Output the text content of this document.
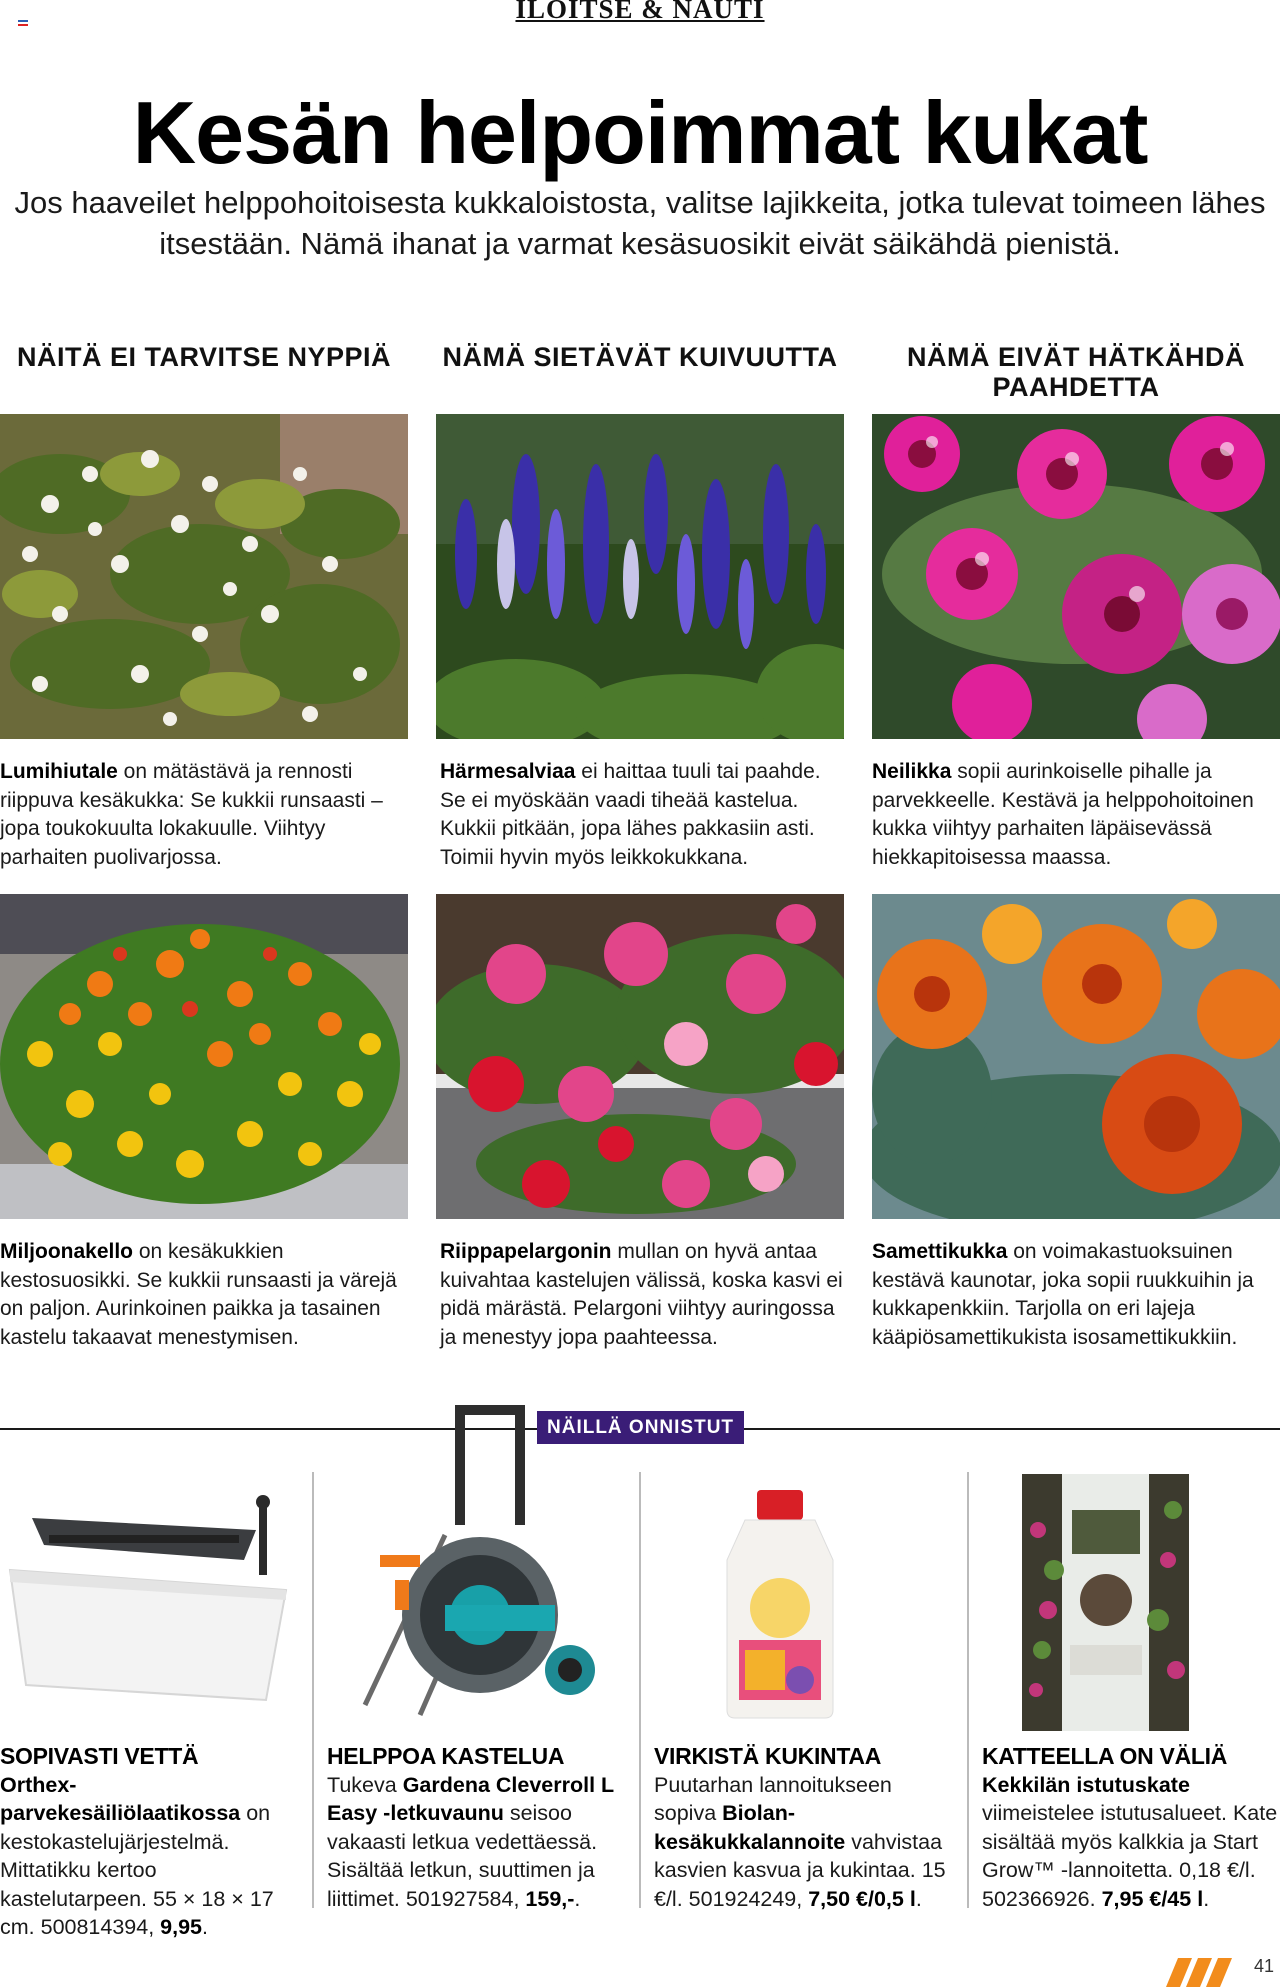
ILOITSE & NAUTI
Kesän helpoimmat kukat

Jos haaveilet helppohoitoisesta kukkaloistosta, valitse lajikkeita, jotka tulevat toimeen lähes itsestään. Nämä ihanat ja varmat kesäsuosikit eivät säikähdä pienistä.

NÄITÄ EI TARVITSE NYPPIÄ	NÄMÄ SIETÄVÄT KUIVUUTTA	NÄMÄ EIVÄT HÄTKÄHDÄ PAAHDETTA

Lumihiutale on mätästävä ja rennosti riippuva kesäkukka: Se kukkii runsaasti – jopa toukokuulta lokakuulle. Viihtyy parhaiten puolivarjossa.

Härmesalviaa ei haittaa tuuli tai paahde. Se ei myöskään vaadi tiheää kastelua. Kukkii pitkään, jopa lähes pakkasiin asti. Toimii hyvin myös leikkokukkana.

Neilikka sopii aurinkoiselle pihalle ja parvekkeelle. Kestävä ja helppohoitoinen kukka viihtyy parhaiten läpäisevässä hiekkapitoisessa maassa.

Miljoonakello on kesäkukkien kestosuosikki. Se kukkii runsaasti ja värejä on paljon. Aurinkoinen paikka ja tasainen kastelu takaavat menestymisen.

Riippapelargonin mullan on hyvä antaa kuivahtaa kastelujen välissä, koska kasvi ei pidä märästä. Pelargoni viihtyy auringossa ja menestyy jopa paahteessa.

Samettikukka on voimakastuoksuinen kestävä kaunotar, joka sopii ruukkuihin ja kukkapenkkiin. Tarjolla on eri lajeja kääpiösamettikukista isosamettikukkiin.

NÄILLÄ ONNISTUT

SOPIVASTI VETTÄ
Orthex-parvekesäiliölaatikossa on kestokastelujärjestelmä. Mittatikku kertoo kastelutarpeen. 55 × 18 × 17 cm. 500814394, 9,95.

HELPPOA KASTELUA
Tukeva Gardena Cleverroll L Easy -letkuvaunu seisoo vakaasti letkua vedettäessä. Sisältää letkun, suuttimen ja liittimet. 501927584, 159,-.

VIRKISTÄ KUKINTAA
Puutarhan lannoitukseen sopiva Biolan-kesäkukkalannoite vahvistaa kasvien kasvua ja kukintaa. 15 €/l. 501924249, 7,50 €/0,5 l.

KATTEELLA ON VÄLIÄ
Kekkilän istutuskate viimeistelee istutusalueet. Kate sisältää myös kalkkia ja Start Grow™ -lannoitetta. 0,18 €/l. 502366926. 7,95 €/45 l.

41
